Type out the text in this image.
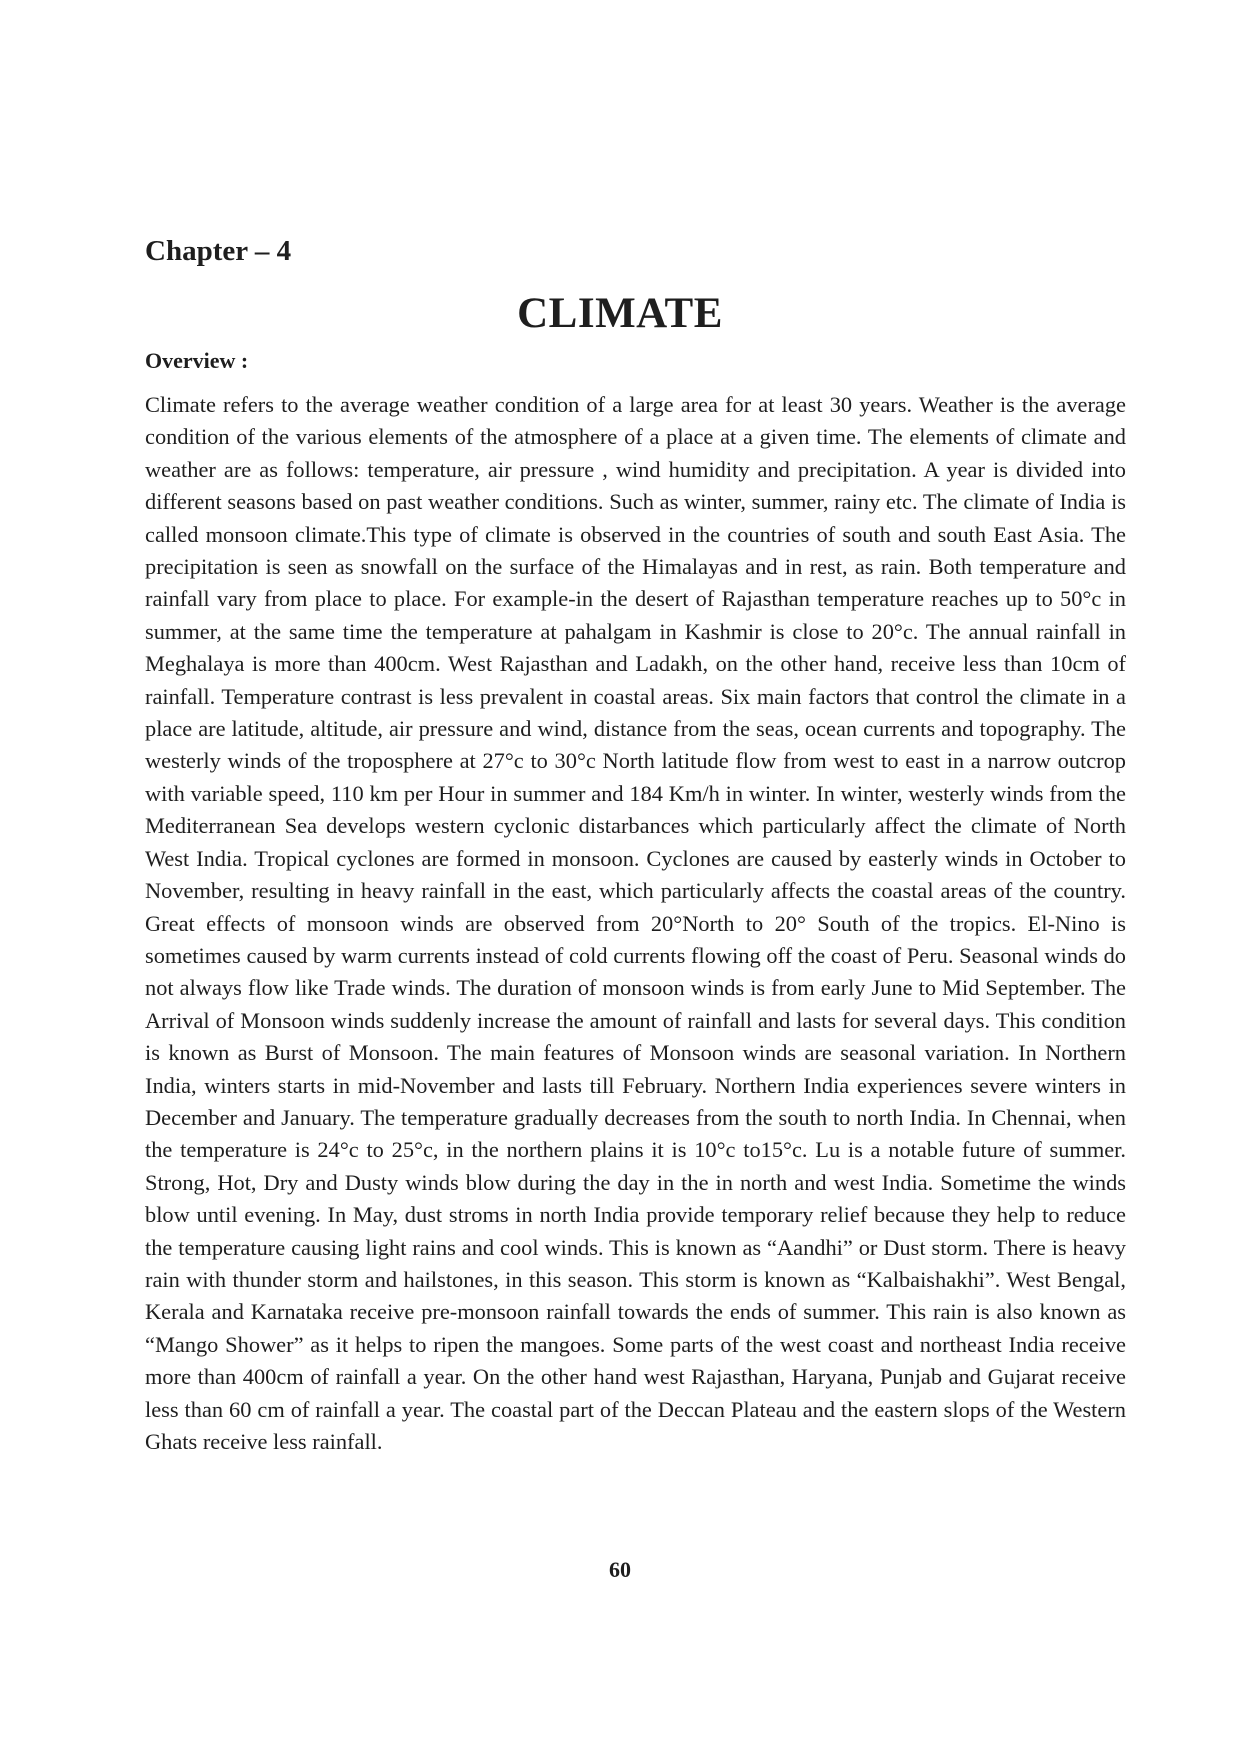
Chapter – 4
CLIMATE
Overview :

Climate refers to the average weather condition of a large area for at least 30 years. Weather is the average condition of the various elements of the atmosphere of a place at a given time. The elements of climate and weather are as follows: temperature, air pressure , wind humidity and precipitation. A year is divided into different seasons based on past weather conditions. Such as winter, summer, rainy etc. The climate of India is called monsoon climate.This type of climate is observed in the countries of south and south East Asia. The precipitation is seen as snowfall on the surface of the Himalayas and in rest, as rain. Both temperature and rainfall vary from place to place. For example-in the desert of Rajasthan temperature reaches up to 50°c in summer, at the same time the temperature at pahalgam in Kashmir is close to 20°c. The annual rainfall in Meghalaya is more than 400cm. West Rajasthan and Ladakh, on the other hand, receive less than 10cm of rainfall. Temperature contrast is less prevalent in coastal areas. Six main factors that control the climate in a place are latitude, altitude, air pressure and wind, distance from the seas, ocean currents and topography. The westerly winds of the troposphere at 27°c to 30°c North latitude flow from west to east in a narrow outcrop with variable speed, 110 km per Hour in summer and 184 Km/h in winter. In winter, westerly winds from the Mediterranean Sea develops western cyclonic distarbances which particularly affect the climate of North West India. Tropical cyclones are formed in monsoon. Cyclones are caused by easterly winds in October to November, resulting in heavy rainfall in the east, which particularly affects the coastal areas of the country. Great effects of monsoon winds are observed from 20°North to 20° South of the tropics. El-Nino is sometimes caused by warm currents instead of cold currents flowing off the coast of Peru. Seasonal winds do not always flow like Trade winds. The duration of monsoon winds is from early June to Mid September. The Arrival of Monsoon winds suddenly increase the amount of rainfall and lasts for several days. This condition is known as Burst of Monsoon. The main features of Monsoon winds are seasonal variation. In Northern India, winters starts in mid-November and lasts till February. Northern India experiences severe winters in December and January. The temperature gradually decreases from the south to north India. In Chennai, when the temperature is 24°c to 25°c, in the northern plains it is 10°c to15°c. Lu is a notable future of summer. Strong, Hot, Dry and Dusty winds blow during the day in the in north and west India. Sometime the winds blow until evening. In May, dust stroms in north India provide temporary relief because they help to reduce the temperature causing light rains and cool winds. This is known as “Aandhi” or Dust storm. There is heavy rain with thunder storm and hailstones, in this season. This storm is known as “Kalbaishakhi”. West Bengal, Kerala and Karnataka receive pre-monsoon rainfall towards the ends of summer. This rain is also known as “Mango Shower” as it helps to ripen the mangoes. Some parts of the west coast and northeast India receive more than 400cm of rainfall a year. On the other hand west Rajasthan, Haryana, Punjab and Gujarat receive less than 60 cm of rainfall a year. The coastal part of the Deccan Plateau and the eastern slops of the Western Ghats receive less rainfall.

60
